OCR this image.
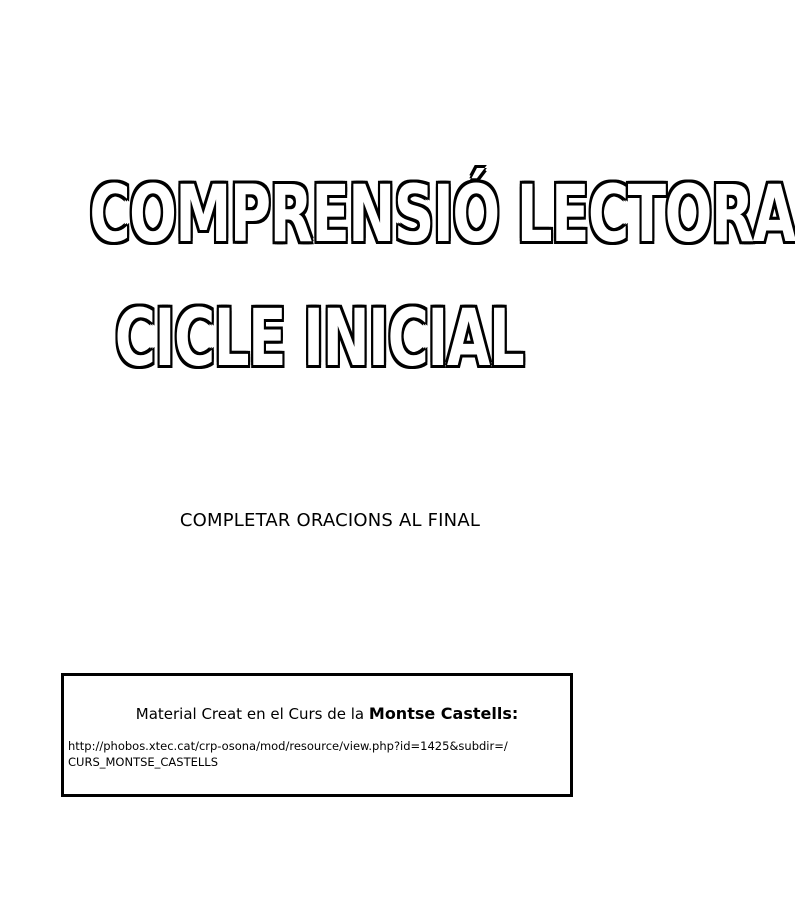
COMPRENSIÓ LECTORA
CICLE INICIAL
COMPLETAR ORACIONS AL FINAL
Material Creat en el Curs de la Montse Castells:
http://phobos.xtec.cat/crp-osona/mod/resource/view.php?id=1425&subdir=/
CURS_MONTSE_CASTELLS
